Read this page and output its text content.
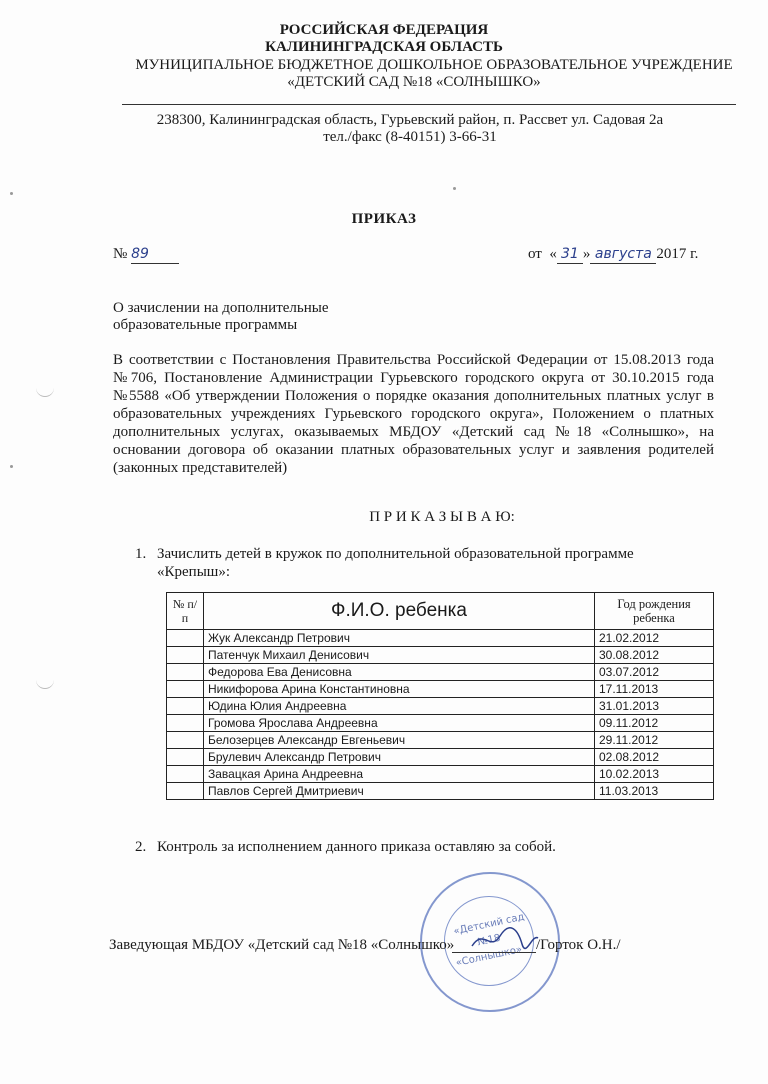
РОССИЙСКАЯ ФЕДЕРАЦИЯ
КАЛИНИНГРАДСКАЯ ОБЛАСТЬ
МУНИЦИПАЛЬНОЕ БЮДЖЕТНОЕ ДОШКОЛЬНОЕ ОБРАЗОВАТЕЛЬНОЕ УЧРЕЖДЕНИЕ
«ДЕТСКИЙ САД №18 «СОЛНЫШКО»
238300, Калининградская область, Гурьевский район, п. Рассвет ул. Садовая 2а
тел./факс (8-40151) 3-66-31
ПРИКАЗ
№ 89	от  « 31 » августа 2017 г.
О зачислении на дополнительные
образовательные программы
В соответствии с Постановления Правительства Российской Федерации от 15.08.2013 года №706, Постановление Администрации Гурьевского городского округа от 30.10.2015 года №5588 «Об утверждении Положения о порядке оказания дополнительных платных услуг в образовательных учреждениях Гурьевского городского округа», Положением о платных дополнительных услугах, оказываемых МБДОУ «Детский сад №18 «Солнышко», на основании договора об оказании платных образовательных услуг и заявления родителей (законных представителей)
П Р И К А З Ы В А Ю:
1. Зачислить детей в кружок по дополнительной образовательной программе
«Крепыш»:
№ п/п	Ф.И.О. ребенка	Год рождения ребенка
	Жук Александр Петрович	21.02.2012
	Патенчук Михаил Денисович	30.08.2012
	Федорова Ева Денисовна	03.07.2012
	Никифорова Арина Константиновна	17.11.2013
	Юдина Юлия Андреевна	31.01.2013
	Громова Ярослава Андреевна	09.11.2012
	Белозерцев Александр Евгеньевич	29.11.2012
	Брулевич Александр Петрович	02.08.2012
	Завацкая Арина Андреевна	10.02.2013
	Павлов Сергей Дмитриевич	11.03.2013
2. Контроль за исполнением данного приказа оставляю за собой.
«Детский сад
№18
«Солнышко»
Заведующая МБДОУ «Детский сад №18 «Солнышко»	/Горток О.Н./
